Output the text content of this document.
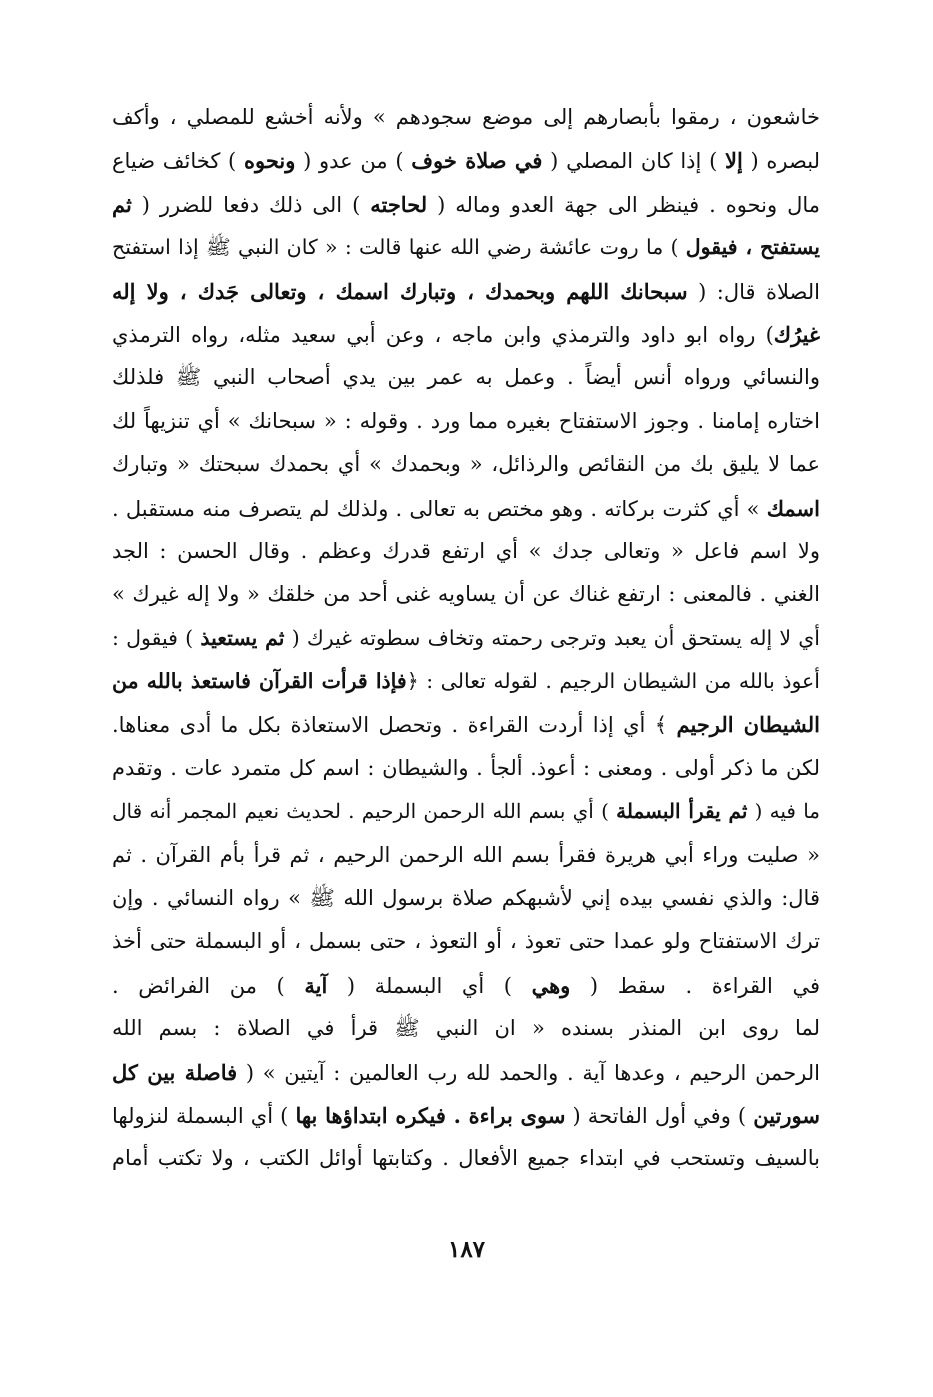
خاشعون ، رمقوا بأبصارهم إلى موضع سجودهم » ولأنه أخشع للمصلي ، وأكف
لبصره ( إلا ) إذا كان المصلي ( في صلاة خوف ) من عدو ( ونحوه ) كخائف ضياع
مال ونحوه . فينظر الى جهة العدو وماله ( لحاجته ) الى ذلك دفعا للضرر ( ثم
يستفتح ، فيقول ) ما روت عائشة رضي الله عنها قالت : « كان النبي ﷺ إذا استفتح
الصلاة قال: ( سبحانك اللهم وبحمدك ، وتبارك اسمك ، وتعالى جَدك ، ولا إله
غيرُك) رواه ابو داود والترمذي وابن ماجه ، وعن أبي سعيد مثله، رواه الترمذي
والنسائي ورواه أنس أيضاً . وعمل به عمر بين يدي أصحاب النبي ﷺ فلذلك
اختاره إمامنا . وجوز الاستفتاح بغيره مما ورد . وقوله : « سبحانك » أي تنزيهاً لك
عما لا يليق بك من النقائص والرذائل، « وبحمدك » أي بحمدك سبحتك « وتبارك
اسمك » أي كثرت بركاته . وهو مختص به تعالى . ولذلك لم يتصرف منه مستقبل .
ولا اسم فاعل « وتعالى جدك » أي ارتفع قدرك وعظم . وقال الحسن : الجد
الغني . فالمعنى : ارتفع غناك عن أن يساويه غنى أحد من خلقك « ولا إله غيرك »
أي لا إله يستحق أن يعبد وترجى رحمته وتخاف سطوته غيرك ( ثم يستعيذ ) فيقول :
أعوذ بالله من الشيطان الرجيم . لقوله تعالى : ﴿فإذا قرأت القرآن فاستعذ بالله من
الشيطان الرجيم ﴾ أي إذا أردت القراءة . وتحصل الاستعاذة بكل ما أدى معناها.
لكن ما ذكر أولى . ومعنى : أعوذ. ألجأ . والشيطان : اسم كل متمرد عات . وتقدم
ما فيه ( ثم يقرأ البسملة ) أي بسم الله الرحمن الرحيم . لحديث نعيم المجمر أنه قال
« صليت وراء أبي هريرة فقرأ بسم الله الرحمن الرحيم ، ثم قرأ بأم القرآن . ثم
قال: والذي نفسي بيده إني لأشبهكم صلاة برسول الله ﷺ » رواه النسائي . وإن
ترك الاستفتاح ولو عمدا حتى تعوذ ، أو التعوذ ، حتى بسمل ، أو البسملة حتى أخذ
في القراءة . سقط ( وهي ) أي البسملة ( آية ) من الفرائض .
لما روى ابن المنذر بسنده « ان النبي ﷺ قرأ في الصلاة : بسم الله
الرحمن الرحيم ، وعدها آية . والحمد لله رب العالمين : آيتين » ( فاصلة بين كل
سورتين ) وفي أول الفاتحة ( سوى براءة . فيكره ابتداؤها بها ) أي البسملة لنزولها
بالسيف وتستحب في ابتداء جميع الأفعال . وكتابتها أوائل الكتب ، ولا تكتب أمام
١٨٧
